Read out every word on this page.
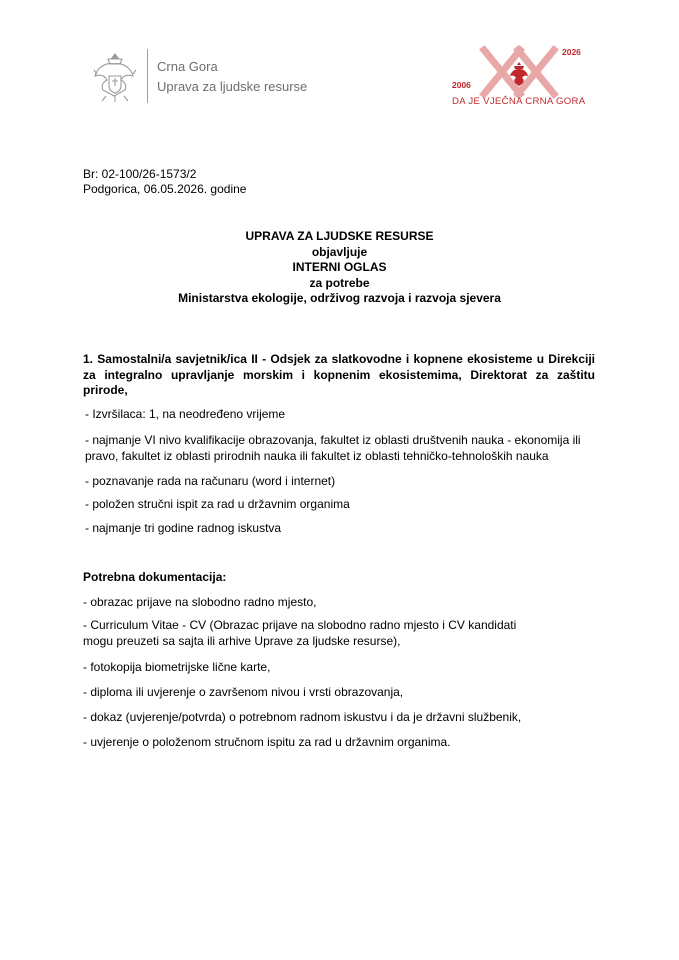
Crna Gora
Uprava za ljudske resurse	2006
2026
DA JE VJEČNA CRNA GORA
Br: 02-100/26-1573/2
Podgorica, 06.05.2026. godine
UPRAVA ZA LJUDSKE RESURSE
objavljuje
INTERNI OGLAS
za potrebe
Ministarstva ekologije, održivog razvoja i razvoja sjevera
1. Samostalni/a savjetnik/ica II - Odsjek za slatkovodne i kopnene ekosisteme u Direkciji za integralno upravljanje morskim i kopnenim ekosistemima, Direktorat za zaštitu prirode,
- Izvršilaca: 1, na neodređeno vrijeme
- najmanje VI nivo kvalifikacije obrazovanja, fakultet iz oblasti društvenih nauka - ekonomija ili pravo, fakultet iz oblasti prirodnih nauka ili fakultet iz oblasti tehničko-tehnoloških nauka
- poznavanje rada na računaru (word i internet)
- položen stručni ispit za rad u državnim organima
- najmanje tri godine radnog iskustva
Potrebna dokumentacija:
- obrazac prijave na slobodno radno mjesto,
- Curriculum Vitae - CV (Obrazac prijave na slobodno radno mjesto i CV kandidati mogu preuzeti sa sajta ili arhive Uprave za ljudske resurse),
- fotokopija biometrijske lične karte,
- diploma ili uvjerenje o završenom nivou i vrsti obrazovanja,
- dokaz (uvjerenje/potvrda) o potrebnom radnom iskustvu i da je državni službenik,
- uvjerenje o položenom stručnom ispitu za rad u državnim organima.
